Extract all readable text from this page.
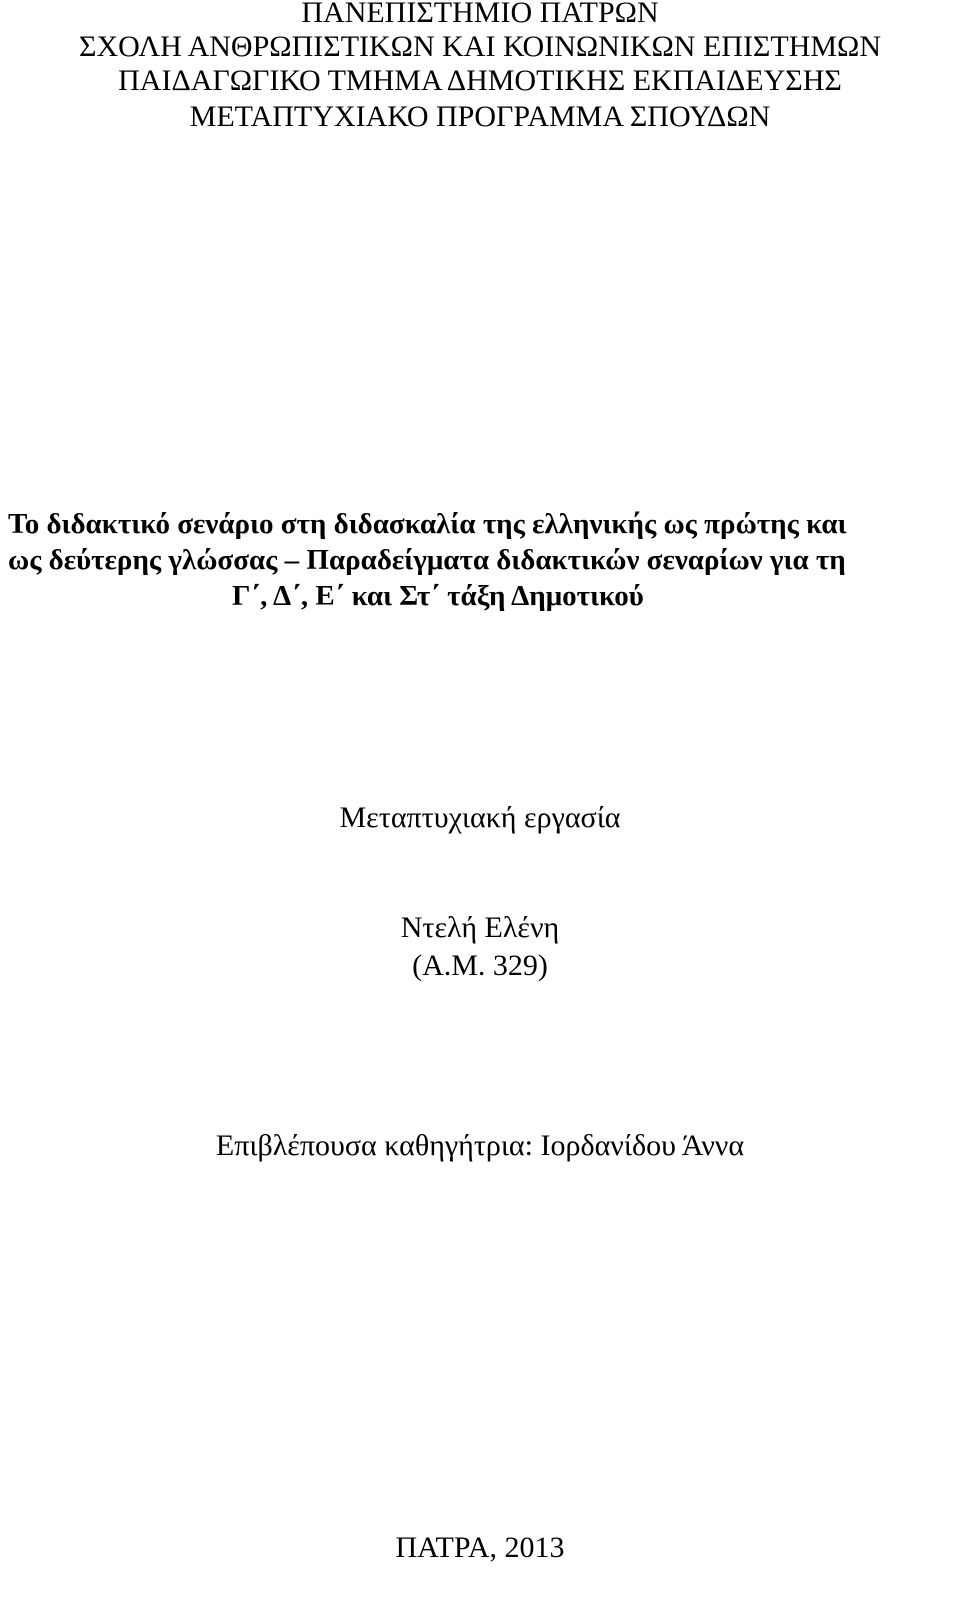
ΠΑΝΕΠΙΣΤΗΜΙΟ ΠΑΤΡΩΝ
ΣΧΟΛΗ ΑΝΘΡΩΠΙΣΤΙΚΩΝ ΚΑΙ ΚΟΙΝΩΝΙΚΩΝ ΕΠΙΣΤΗΜΩΝ
ΠΑΙΔΑΓΩΓΙΚΟ ΤΜΗΜΑ ΔΗΜΟΤΙΚΗΣ ΕΚΠΑΙΔΕΥΣΗΣ
ΜΕΤΑΠΤΥΧΙΑΚΟ ΠΡΟΓΡΑΜΜΑ ΣΠΟΥΔΩΝ

Το διδακτικό σενάριο στη διδασκαλία της ελληνικής ως πρώτης και

ως δεύτερης γλώσσας – Παραδείγματα διδακτικών σεναρίων για τη

Γ΄, Δ΄, Ε΄ και Στ΄ τάξη Δημοτικού

Μεταπτυχιακή εργασία
Ντελή Ελένη
(Α.Μ. 329)
Επιβλέπουσα καθηγήτρια: Ιορδανίδου Άννα
ΠΑΤΡΑ, 2013
